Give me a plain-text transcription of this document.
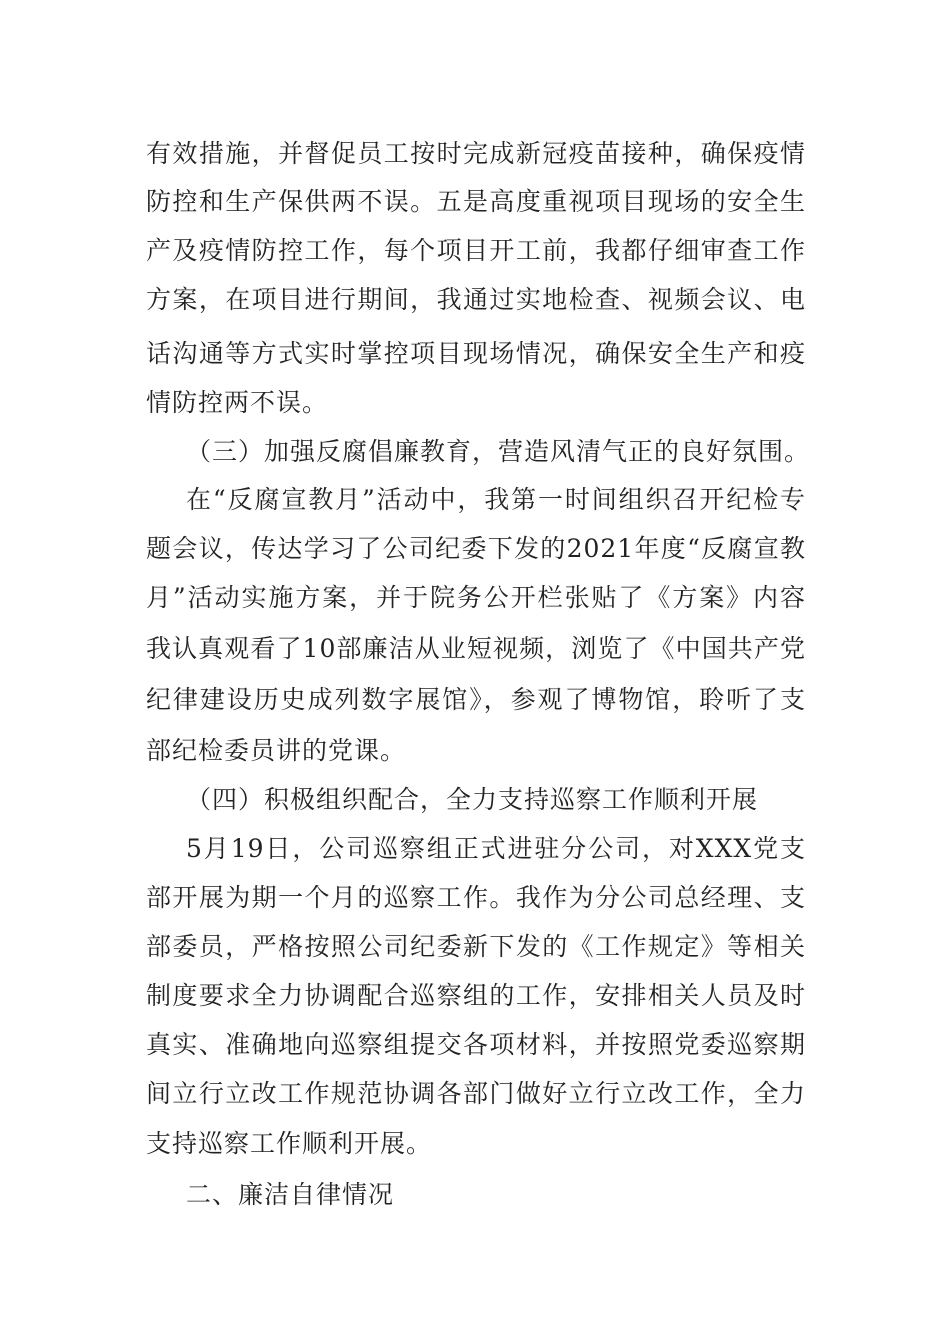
有效措施，并督促员工按时完成新冠疫苗接种，确保疫情
防控和生产保供两不误。五是高度重视项目现场的安全生
产及疫情防控工作，每个项目开工前，我都仔细审查工作
方案，在项目进行期间，我通过实地检查、视频会议、电
话沟通等方式实时掌控项目现场情况，确保安全生产和疫
情防控两不误。
（三）加强反腐倡廉教育，营造风清气正的良好氛围。
在“反腐宣教月”活动中，我第一时间组织召开纪检专
题会议，传达学习了公司纪委下发的2021年度“反腐宣教
月”活动实施方案，并于院务公开栏张贴了《方案》内容
我认真观看了10部廉洁从业短视频，浏览了《中国共产党
纪律建设历史成列数字展馆》，参观了博物馆，聆听了支
部纪检委员讲的党课。
（四）积极组织配合，全力支持巡察工作顺利开展
5月19日，公司巡察组正式进驻分公司，对XXX党支
部开展为期一个月的巡察工作。我作为分公司总经理、支
部委员，严格按照公司纪委新下发的《工作规定》等相关
制度要求全力协调配合巡察组的工作，安排相关人员及时
真实、准确地向巡察组提交各项材料，并按照党委巡察期
间立行立改工作规范协调各部门做好立行立改工作，全力
支持巡察工作顺利开展。
二、廉洁自律情况
